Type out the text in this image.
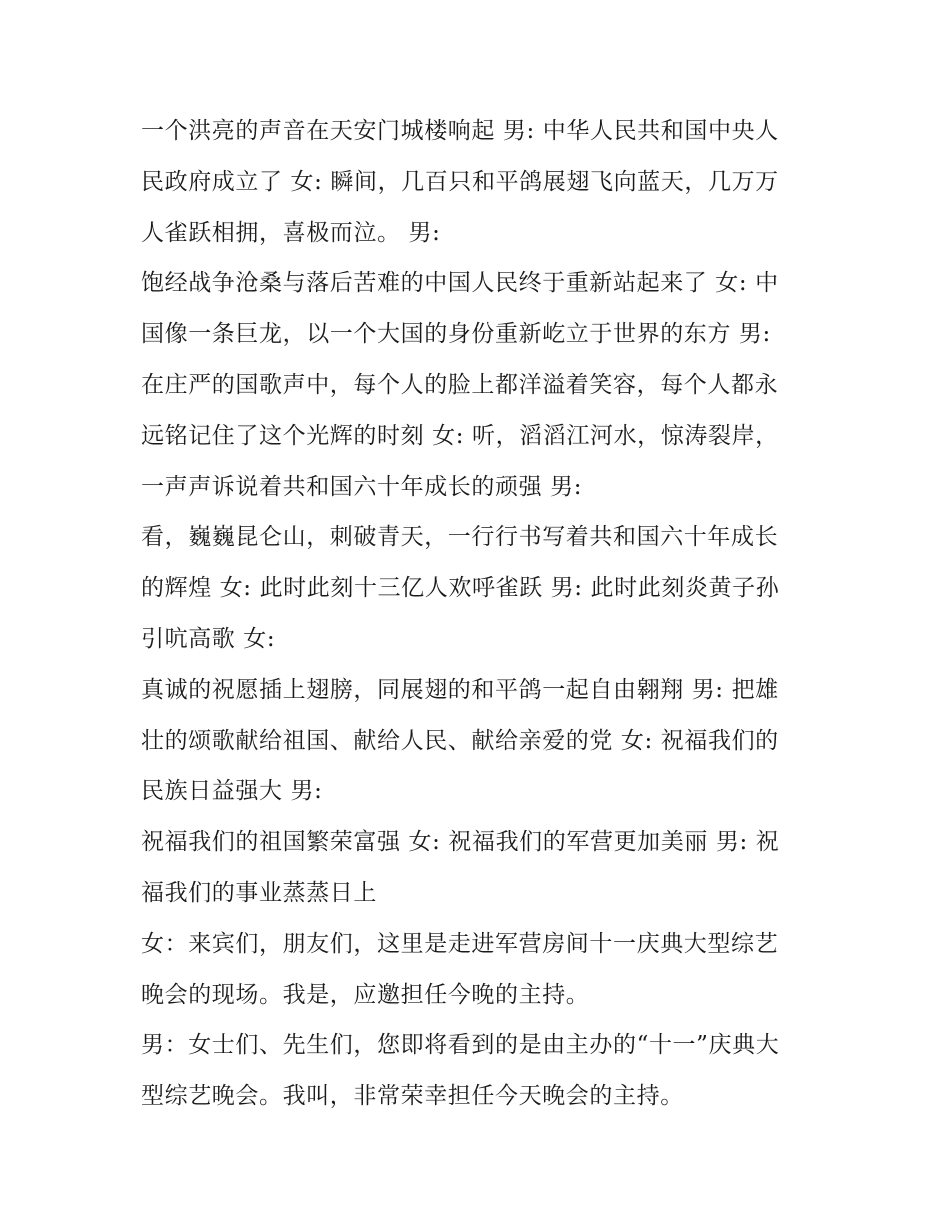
一个洪亮的声音在天安门城楼响起 男: 中华人民共和国中央人
民政府成立了 女: 瞬间，几百只和平鸽展翅飞向蓝天，几万万
人雀跃相拥，喜极而泣。 男:
饱经战争沧桑与落后苦难的中国人民终于重新站起来了 女: 中
国像一条巨龙，以一个大国的身份重新屹立于世界的东方 男:
在庄严的国歌声中，每个人的脸上都洋溢着笑容，每个人都永
远铭记住了这个光辉的时刻 女: 听，滔滔江河水，惊涛裂岸，
一声声诉说着共和国六十年成长的顽强 男:
看，巍巍昆仑山，刺破青天，一行行书写着共和国六十年成长
的辉煌 女: 此时此刻十三亿人欢呼雀跃 男: 此时此刻炎黄子孙
引吭高歌 女:
真诚的祝愿插上翅膀，同展翅的和平鸽一起自由翱翔 男: 把雄
壮的颂歌献给祖国、献给人民、献给亲爱的党 女: 祝福我们的
民族日益强大 男:
祝福我们的祖国繁荣富强 女: 祝福我们的军营更加美丽 男: 祝
福我们的事业蒸蒸日上
女：来宾们，朋友们，这里是走进军营房间十一庆典大型综艺
晚会的现场。我是，应邀担任今晚的主持。
男：女士们、先生们，您即将看到的是由主办的“十一”庆典大
型综艺晚会。我叫，非常荣幸担任今天晚会的主持。
